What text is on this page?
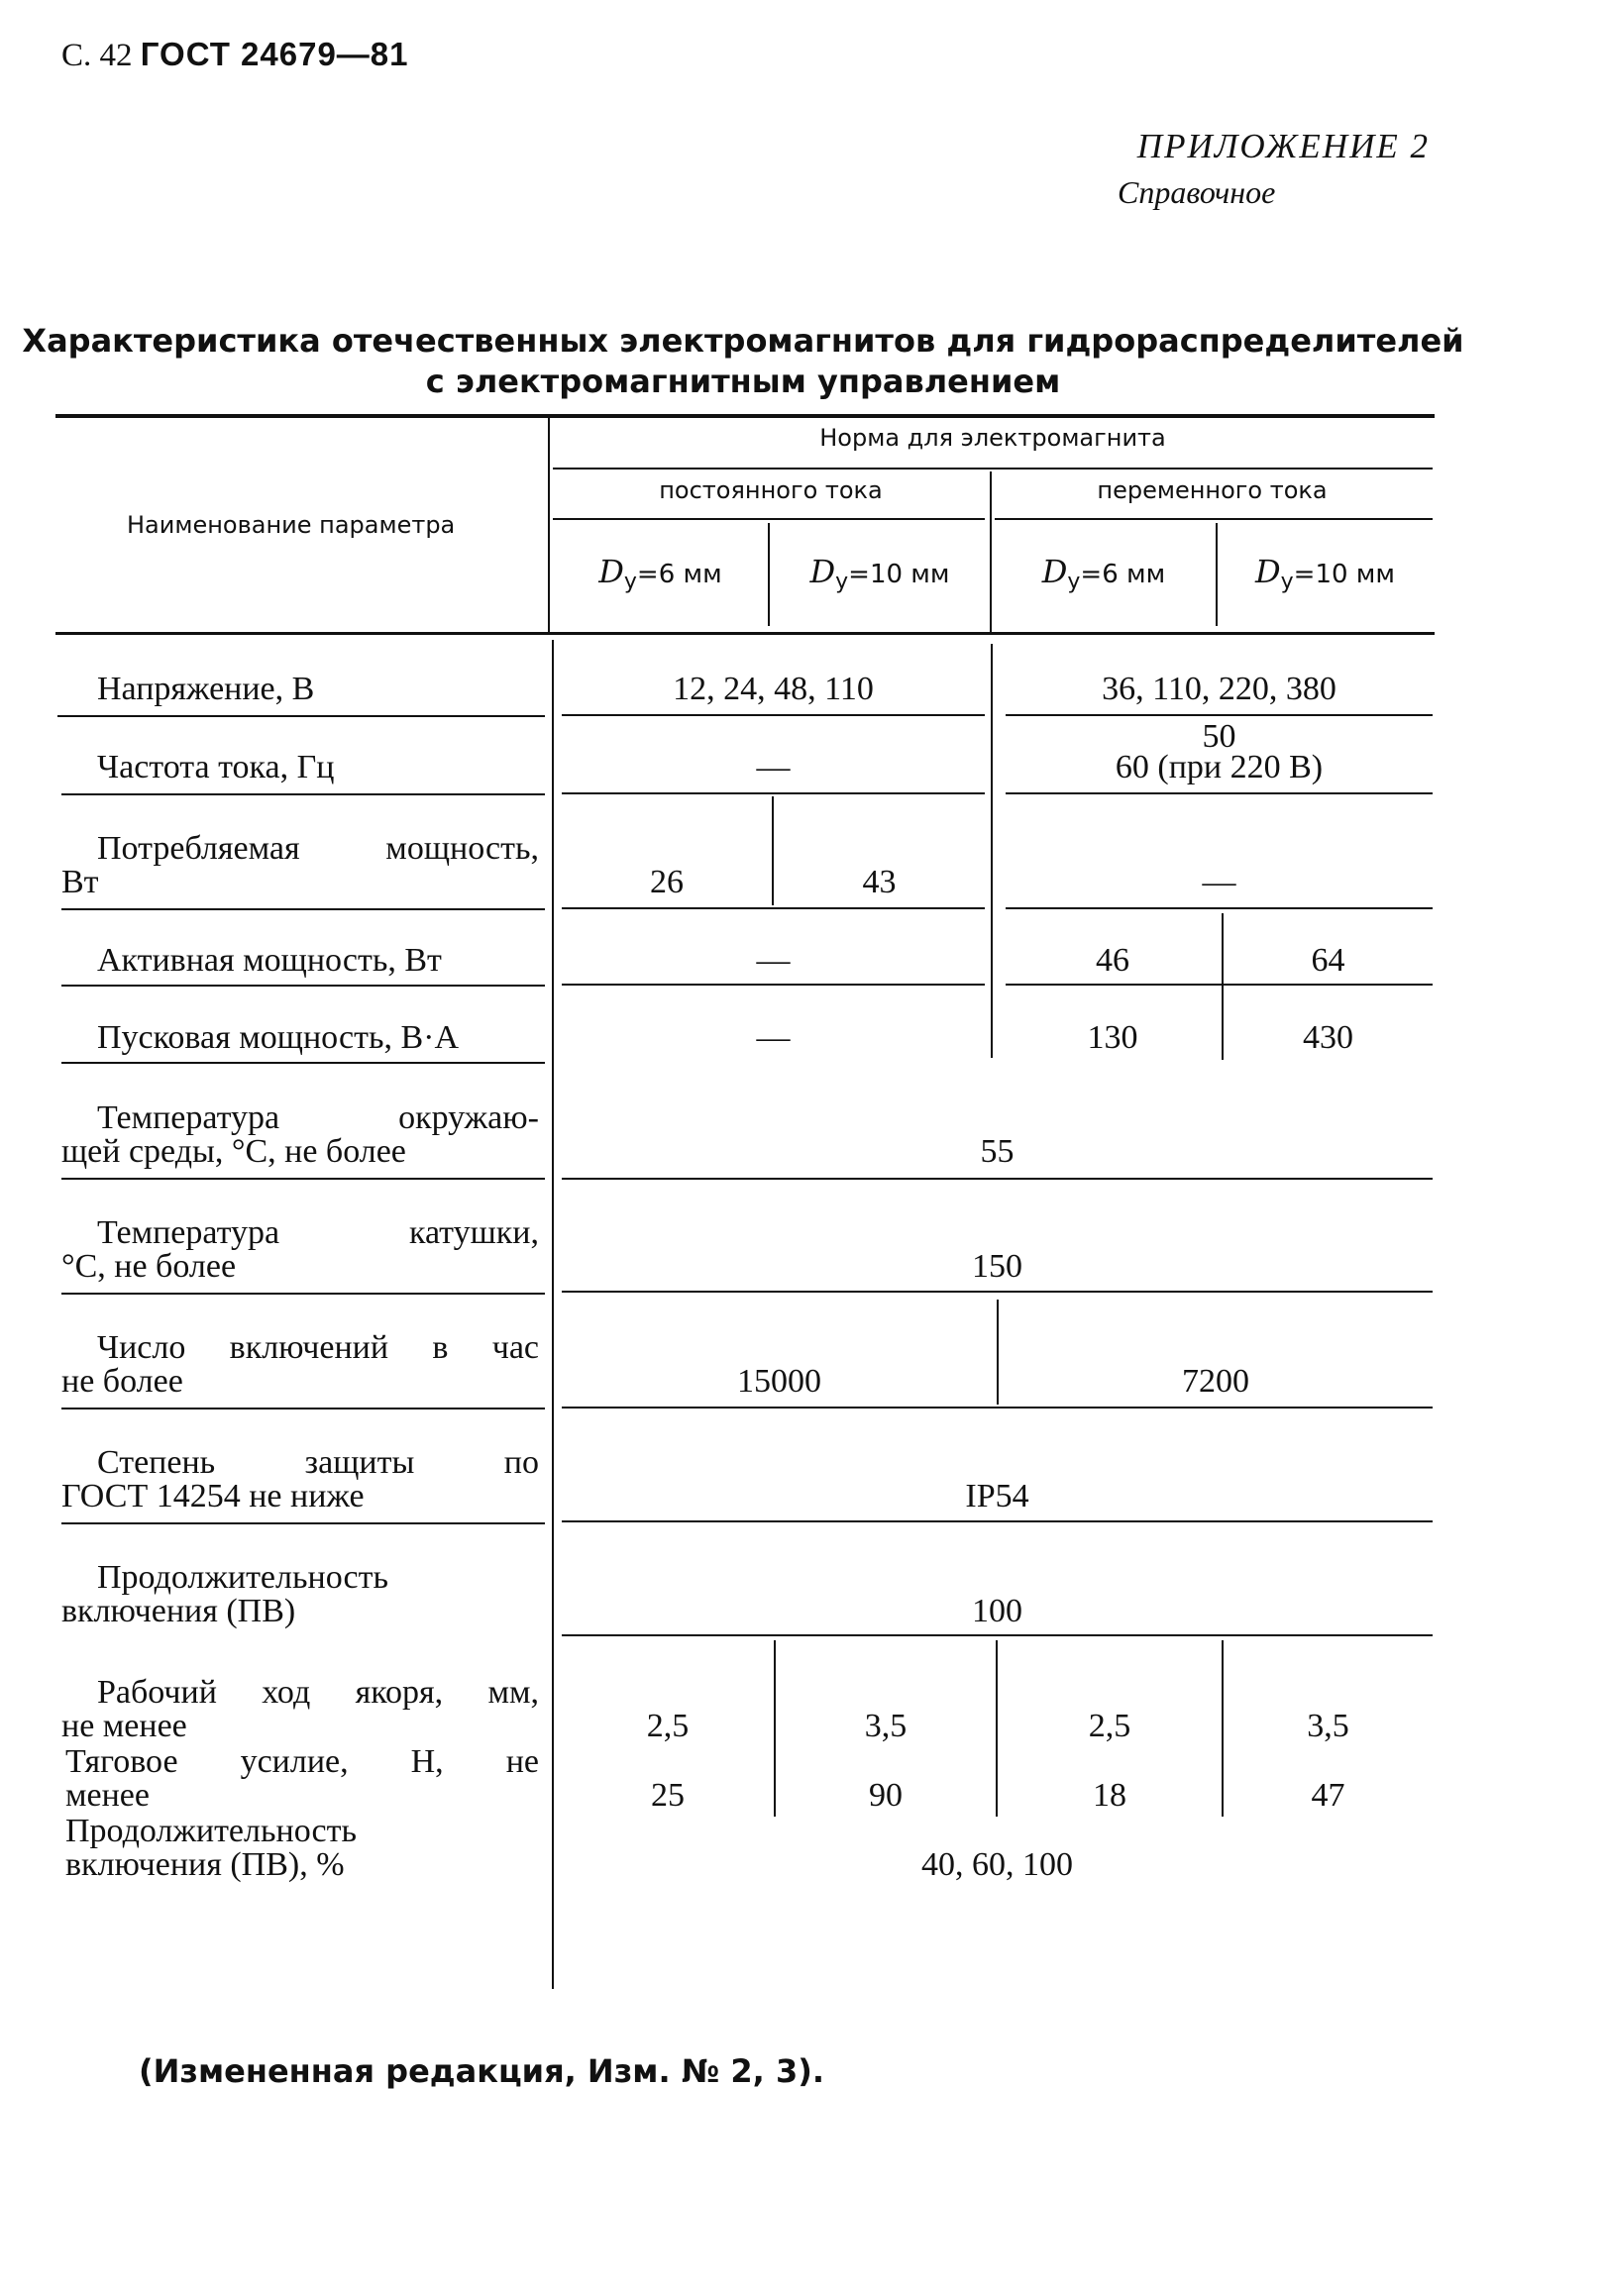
С. 42 ГОСТ 24679—81
ПРИЛОЖЕНИЕ 2
Справочное
Характеристика отечественных электромагнитов для гидрораспределителей
с электромагнитным управлением
Наименование параметра
Норма для электромагнита
постоянного тока	переменного тока
$D_у=6$ мм	$D_у=10$ мм	$D_у=6$ мм	$D_у=10$ мм
Напряжение, В	12, 24, 48, 110	36, 110, 220, 380
Частота тока, Гц	—
50
60 (при 220 В)
Потребляемая мощность,
Вт	26	43	—
Активная мощность, Вт	—	46	64
Пусковая мощность, В·А	—	130	430
Температура окружаю-
щей среды, °С, не более	55
Температура катушки,
°С, не более	150
Число включений в час
не более	15000	7200
Степень защиты по
ГОСТ 14254 не ниже	IP54
Продолжительность
включения (ПВ)	100
Рабочий ход якоря, мм,
не менее	2,5	3,5	2,5	3,5
Тяговое усилие, Н, не
менее	25	90	18	47
Продолжительность
включения (ПВ), %	40, 60, 100
(Измененная редакция, Изм. № 2, 3).
